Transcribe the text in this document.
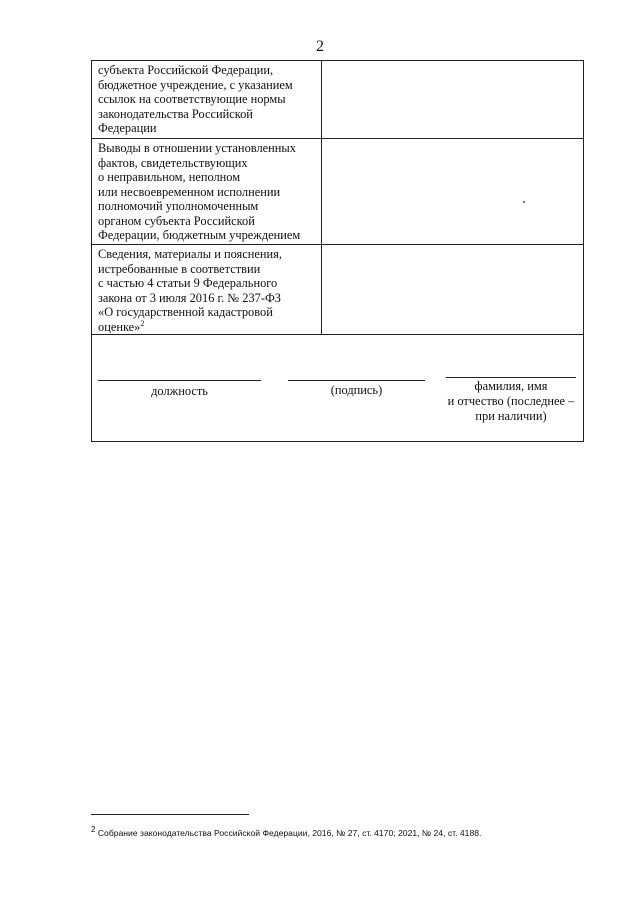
2
субъекта Российской Федерации,
бюджетное учреждение, с указанием
ссылок на соответствующие нормы
законодательства Российской
Федерации
Выводы в отношении установленных
фактов, свидетельствующих
о неправильном, неполном
или несвоевременном исполнении
полномочий уполномоченным
органом субъекта Российской
Федерации, бюджетным учреждением
Сведения, материалы и пояснения,
истребованные в соответствии
с частью 4 статьи 9 Федерального
закона от 3 июля 2016 г. № 237-ФЗ
«О государственной кадастровой
оценке»$^2$
должность	(подпись)	фамилия, имя
и отчество (последнее –
при наличии)
$^2$ Собрание законодательства Российской Федерации, 2016, № 27, ст. 4170; 2021, № 24, ст. 4188.
